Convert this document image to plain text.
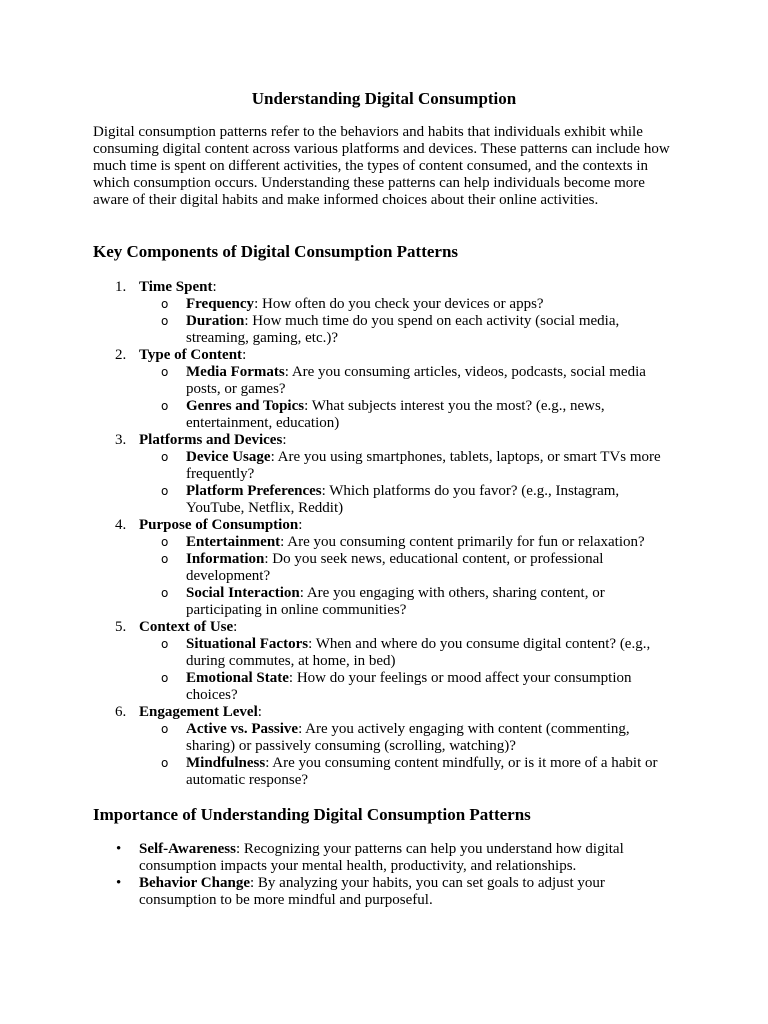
Understanding Digital Consumption

Digital consumption patterns refer to the behaviors and habits that individuals exhibit while consuming digital content across various platforms and devices. These patterns can include how much time is spent on different activities, the types of content consumed, and the contexts in which consumption occurs. Understanding these patterns can help individuals become more aware of their digital habits and make informed choices about their online activities.

Key Components of Digital Consumption Patterns
1. Time Spent:
o Frequency: How often do you check your devices or apps?
o Duration: How much time do you spend on each activity (social media, streaming, gaming, etc.)?
2. Type of Content:
o Media Formats: Are you consuming articles, videos, podcasts, social media posts, or games?
o Genres and Topics: What subjects interest you the most? (e.g., news, entertainment, education)
3. Platforms and Devices:
o Device Usage: Are you using smartphones, tablets, laptops, or smart TVs more frequently?
o Platform Preferences: Which platforms do you favor? (e.g., Instagram, YouTube, Netflix, Reddit)
4. Purpose of Consumption:
o Entertainment: Are you consuming content primarily for fun or relaxation?
o Information: Do you seek news, educational content, or professional development?
o Social Interaction: Are you engaging with others, sharing content, or participating in online communities?
5. Context of Use:
o Situational Factors: When and where do you consume digital content? (e.g., during commutes, at home, in bed)
o Emotional State: How do your feelings or mood affect your consumption choices?
6. Engagement Level:
o Active vs. Passive: Are you actively engaging with content (commenting, sharing) or passively consuming (scrolling, watching)?
o Mindfulness: Are you consuming content mindfully, or is it more of a habit or automatic response?
Importance of Understanding Digital Consumption Patterns
• Self-Awareness: Recognizing your patterns can help you understand how digital consumption impacts your mental health, productivity, and relationships.
• Behavior Change: By analyzing your habits, you can set goals to adjust your consumption to be more mindful and purposeful.
